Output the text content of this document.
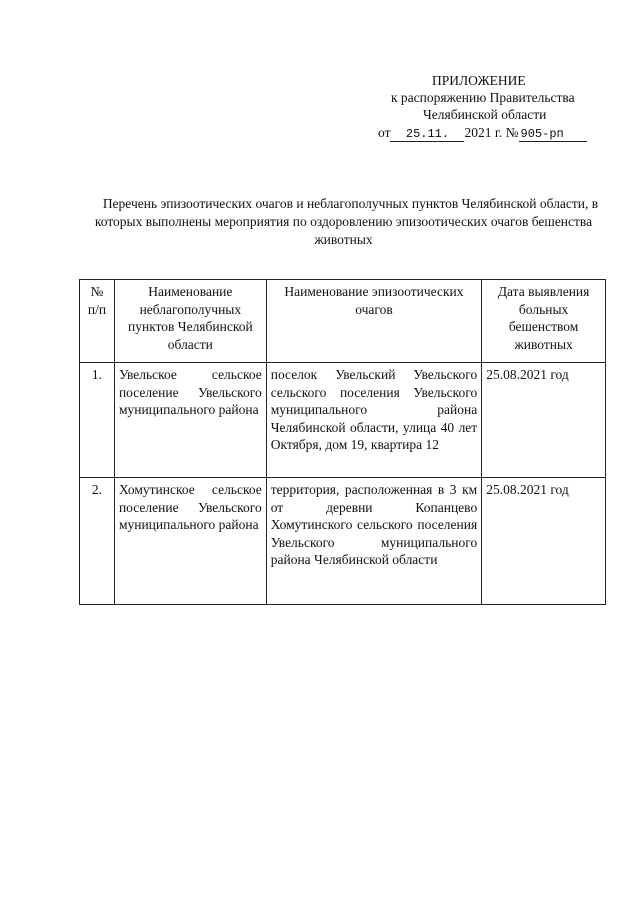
ПРИЛОЖЕНИЕ
к распоряжению Правительства
Челябинской области
от 25.11. 2021 г. № 905-рп
Перечень эпизоотических очагов и неблагополучных пунктов Челябинской области, в которых выполнены мероприятия по оздоровлению эпизоотических очагов бешенства животных
№ п/п	Наименование неблагополучных пунктов Челябинской области	Наименование эпизоотических очагов	Дата выявления больных бешенством животных
1.	Увельское сельское поселение Увельского муниципального района	поселок Увельский Увельского сельского поселения Увельского муниципального района Челябинской области, улица 40 лет Октября, дом 19, квартира 12	25.08.2021 год
2.	Хомутинское сельское поселение Увельского муниципального района	территория, расположенная в 3 км от деревни Копанцево Хомутинского сельского поселения Увельского муниципального района Челябинской области	25.08.2021 год
